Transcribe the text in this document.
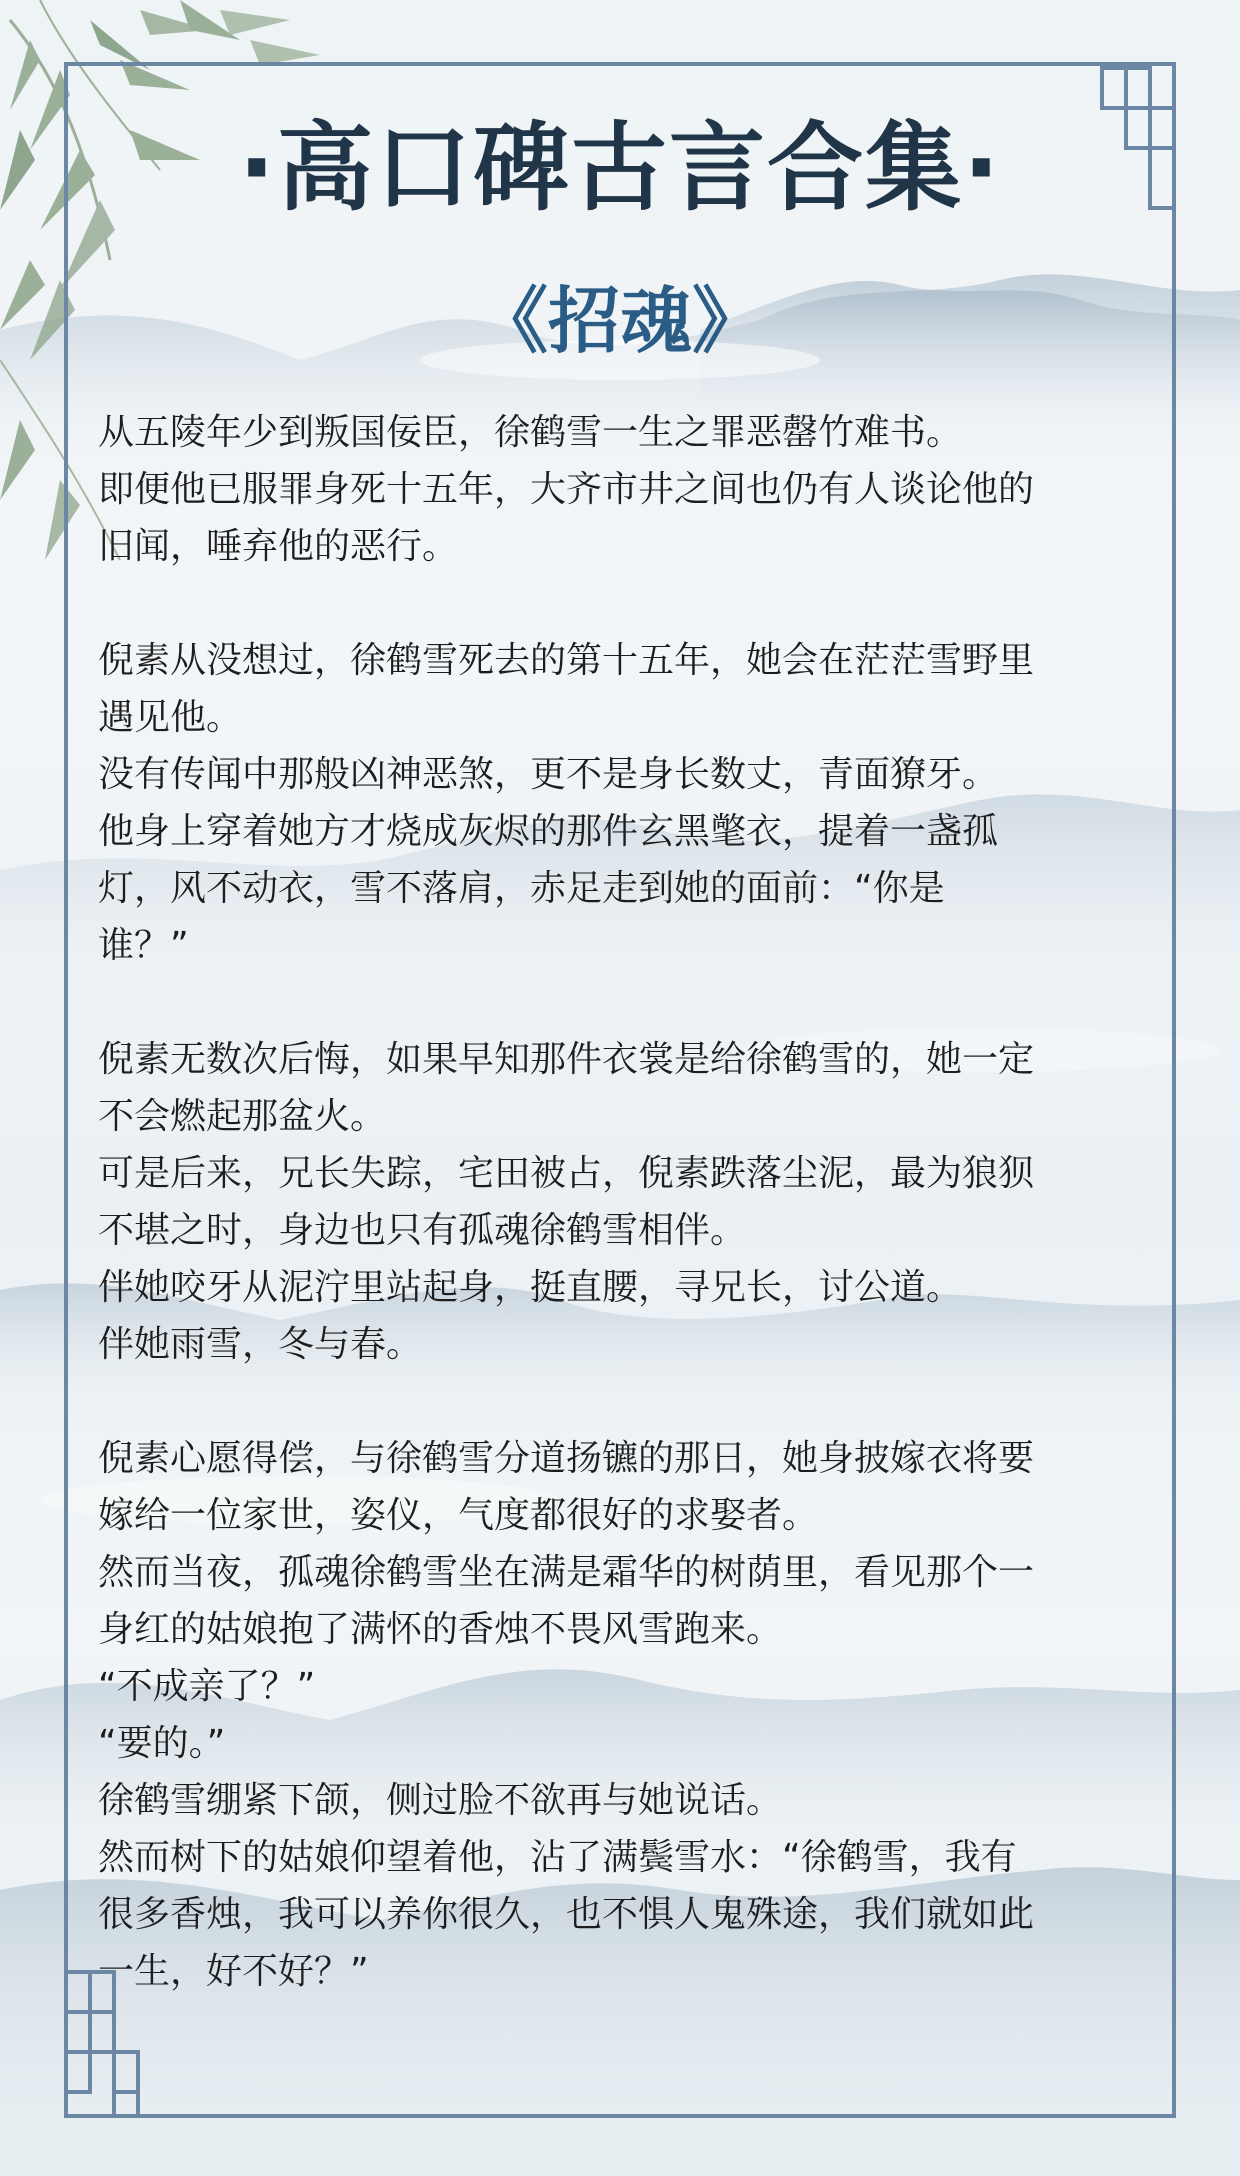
·高口碑古言合集·
《招魂》
从五陵年少到叛国佞臣，徐鹤雪一生之罪恶罄竹难书。
即便他已服罪身死十五年，大齐市井之间也仍有人谈论他的
旧闻，唾弃他的恶行。
倪素从没想过，徐鹤雪死去的第十五年，她会在茫茫雪野里
遇见他。
没有传闻中那般凶神恶煞，更不是身长数丈，青面獠牙。
他身上穿着她方才烧成灰烬的那件玄黑氅衣，提着一盏孤
灯，风不动衣，雪不落肩，赤足走到她的面前：“你是
谁？”
倪素无数次后悔，如果早知那件衣裳是给徐鹤雪的，她一定
不会燃起那盆火。
可是后来，兄长失踪，宅田被占，倪素跌落尘泥，最为狼狈
不堪之时，身边也只有孤魂徐鹤雪相伴。
伴她咬牙从泥泞里站起身，挺直腰，寻兄长，讨公道。
伴她雨雪，冬与春。
倪素心愿得偿，与徐鹤雪分道扬镳的那日，她身披嫁衣将要
嫁给一位家世，姿仪，气度都很好的求娶者。
然而当夜，孤魂徐鹤雪坐在满是霜华的树荫里，看见那个一
身红的姑娘抱了满怀的香烛不畏风雪跑来。
“不成亲了？”
“要的。”
徐鹤雪绷紧下颌，侧过脸不欲再与她说话。
然而树下的姑娘仰望着他，沾了满鬓雪水：“徐鹤雪，我有
很多香烛，我可以养你很久，也不惧人鬼殊途，我们就如此
一生，好不好？”
